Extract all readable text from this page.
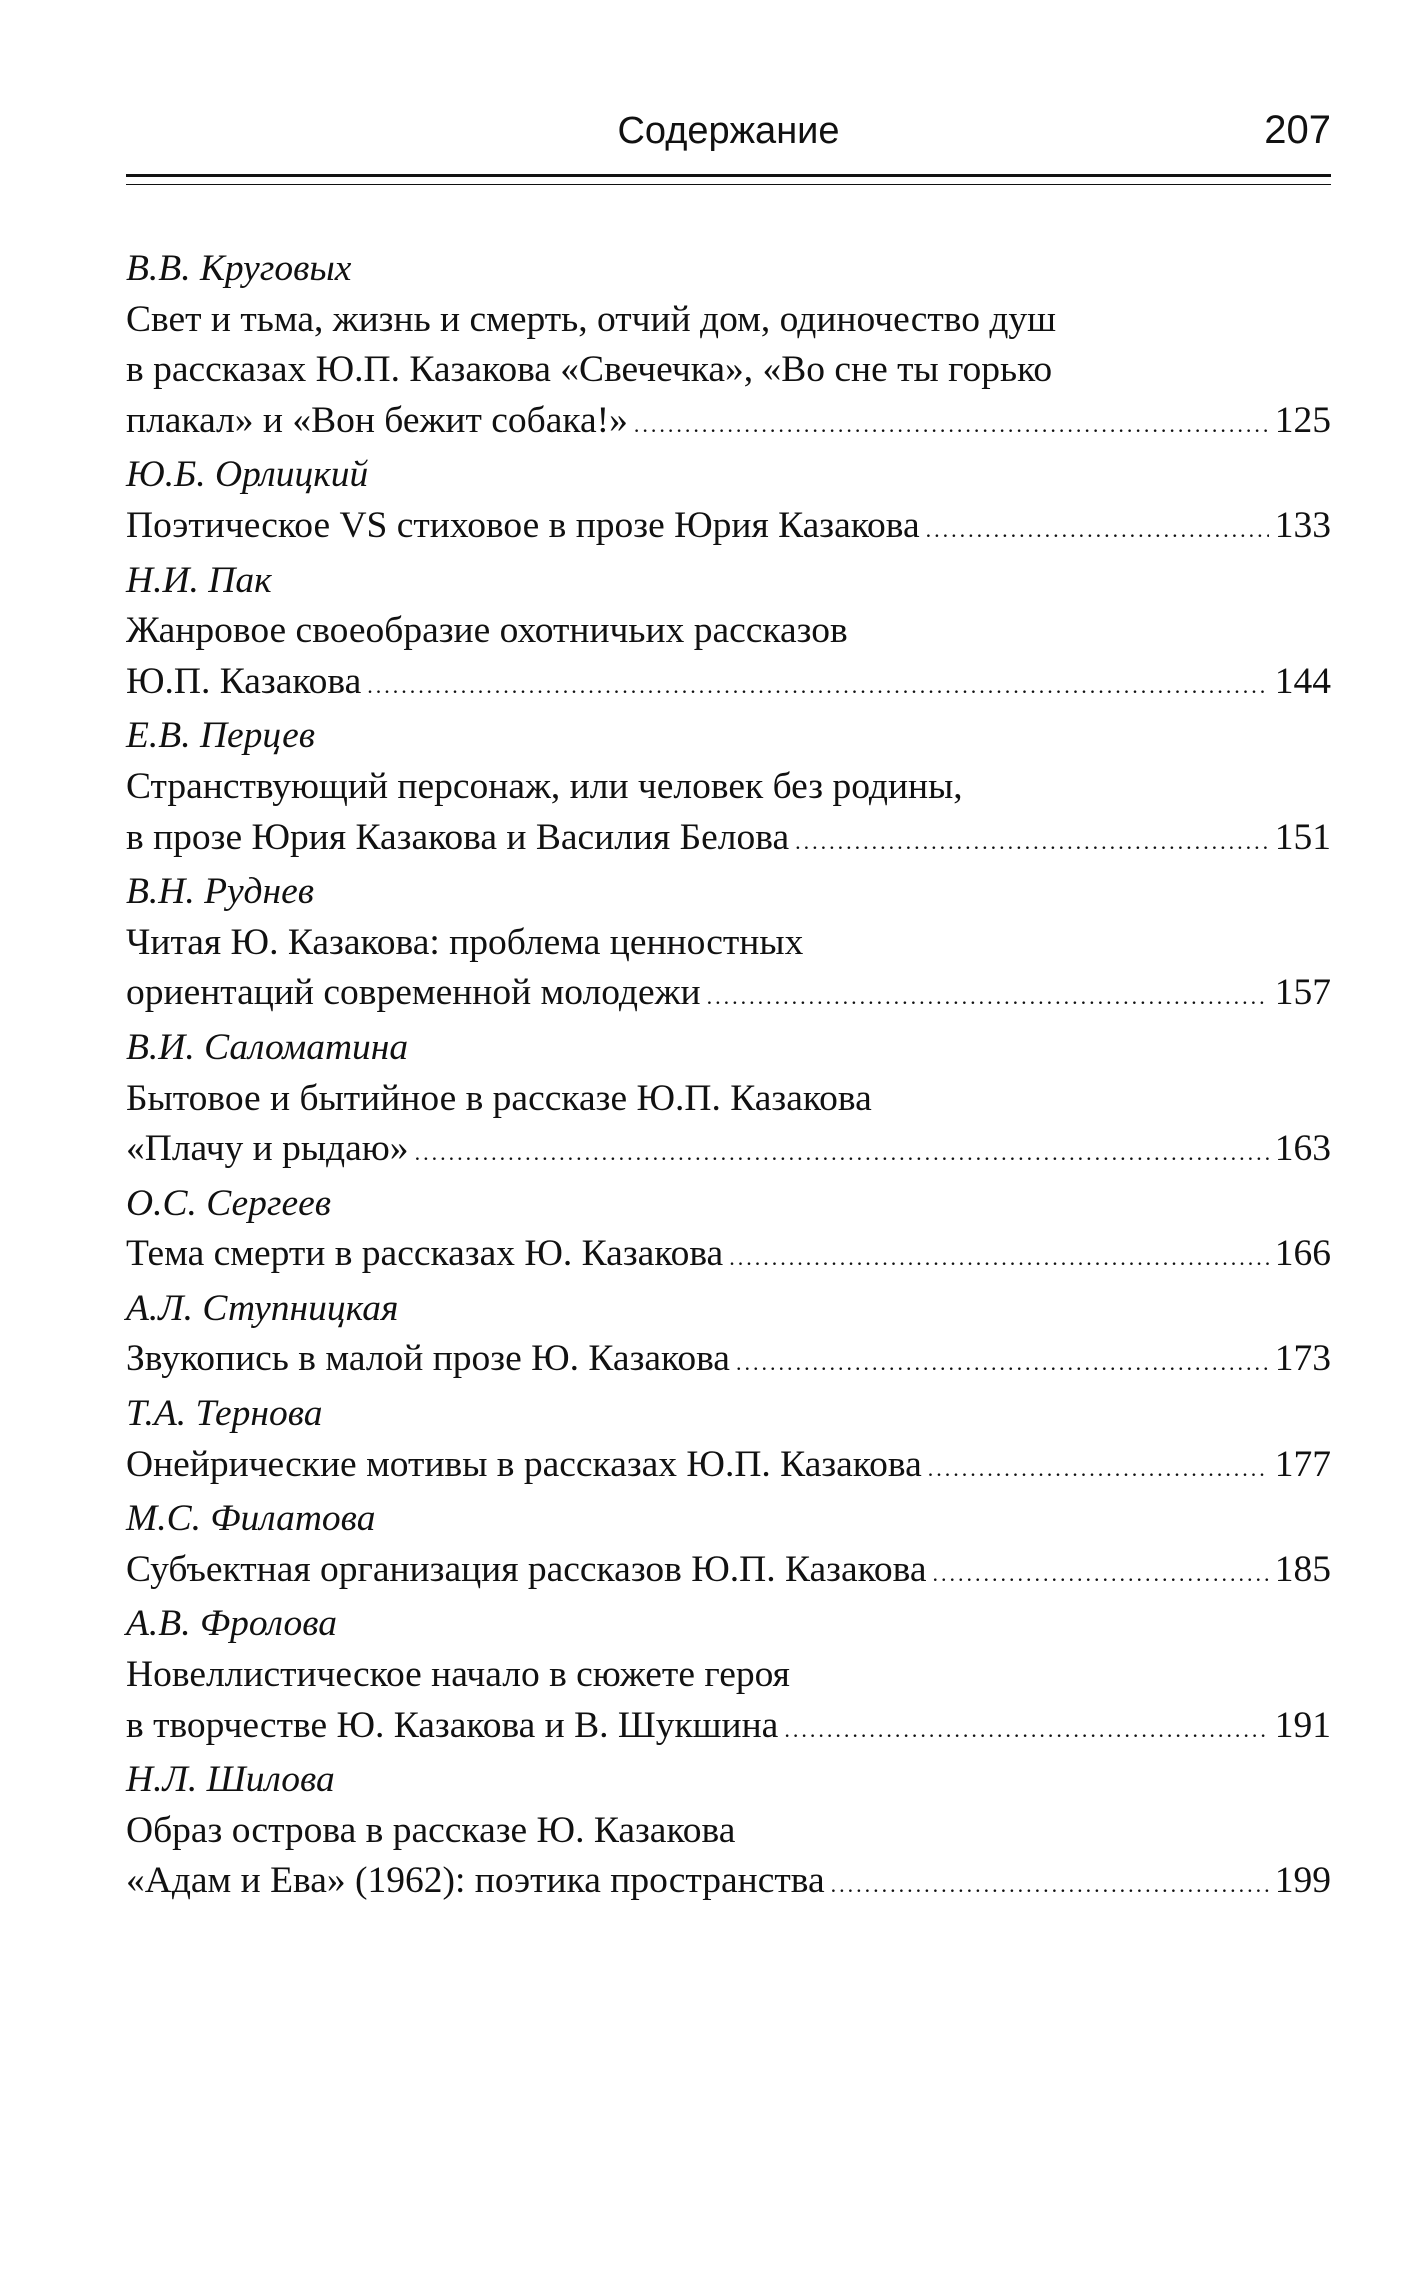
Содержание	207
В.В. Круговых
Свет и тьма, жизнь и смерть, отчий дом, одиночество душ
в рассказах Ю.П. Казакова «Свечечка», «Во сне ты горько
плакал» и «Вон бежит собака!» .....	125
Ю.Б. Орлицкий
Поэтическое VS стиховое в прозе Юрия Казакова .....	133
Н.И. Пак
Жанровое своеобразие охотничьих рассказов
Ю.П. Казакова .....	144
Е.В. Перцев
Странствующий персонаж, или человек без родины,
в прозе Юрия Казакова и Василия Белова .....	151
В.Н. Руднев
Читая Ю. Казакова: проблема ценностных
ориентаций современной молодежи .....	157
В.И. Саломатина
Бытовое и бытийное в рассказе Ю.П. Казакова
«Плачу и рыдаю» .....	163
О.С. Сергеев
Тема смерти в рассказах Ю. Казакова .....	166
А.Л. Ступницкая
Звукопись в малой прозе Ю. Казакова .....	173
Т.А. Тернова
Онейрические мотивы в рассказах Ю.П. Казакова .....	177
М.С. Филатова
Субъектная организация рассказов Ю.П. Казакова .....	185
А.В. Фролова
Новеллистическое начало в сюжете героя
в творчестве Ю. Казакова и В. Шукшина .....	191
Н.Л. Шилова
Образ острова в рассказе Ю. Казакова
«Адам и Ева» (1962): поэтика пространства .....	199
